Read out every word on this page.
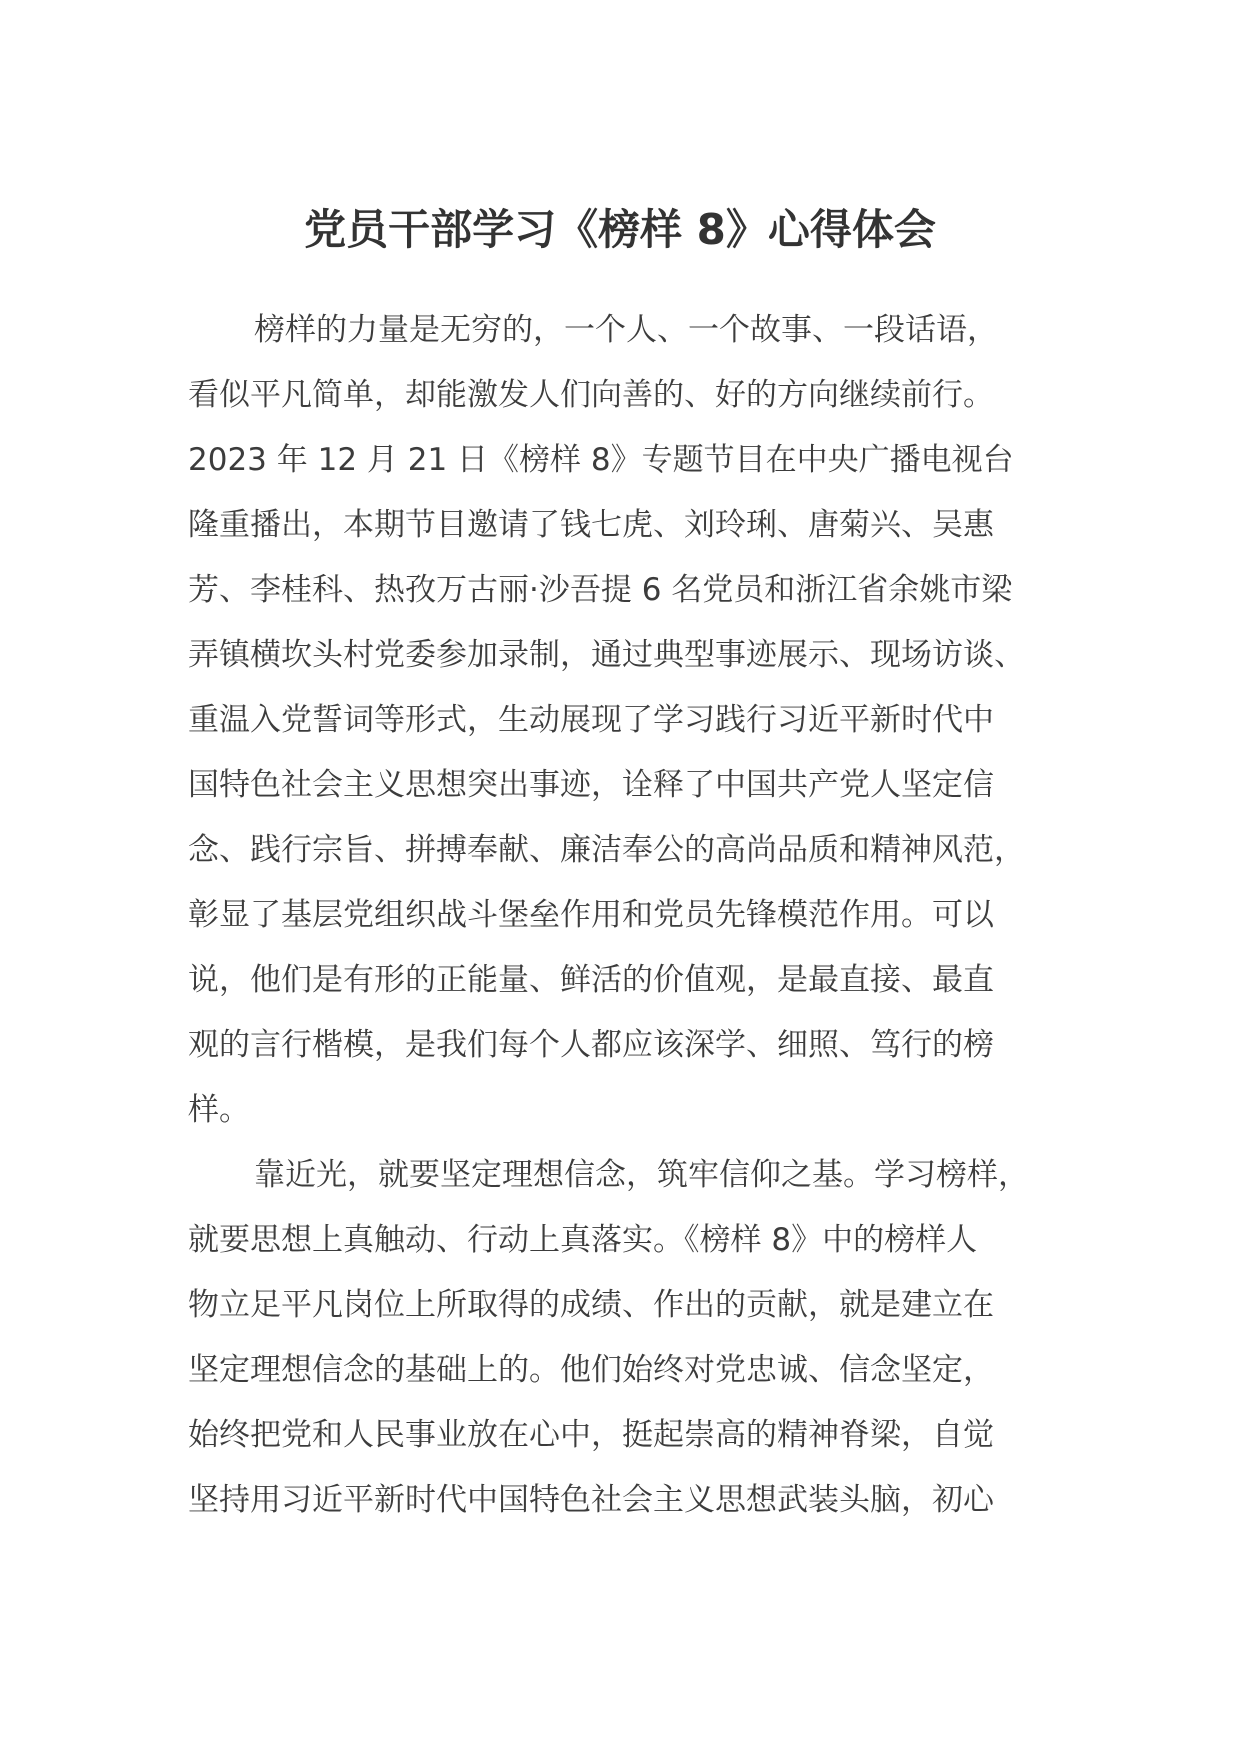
党员干部学习《榜样 8》心得体会
榜样的力量是无穷的，一个人、一个故事、一段话语，
看似平凡简单，却能激发人们向善的、好的方向继续前行。
2023 年 12 月 21 日《榜样 8》专题节目在中央广播电视台
隆重播出，本期节目邀请了钱七虎、刘玲琍、唐菊兴、吴惠
芳、李桂科、热孜万古丽·沙吾提 6 名党员和浙江省余姚市梁
弄镇横坎头村党委参加录制，通过典型事迹展示、现场访谈、
重温入党誓词等形式，生动展现了学习践行习近平新时代中
国特色社会主义思想突出事迹，诠释了中国共产党人坚定信
念、践行宗旨、拼搏奉献、廉洁奉公的高尚品质和精神风范，
彰显了基层党组织战斗堡垒作用和党员先锋模范作用。可以
说，他们是有形的正能量、鲜活的价值观，是最直接、最直
观的言行楷模，是我们每个人都应该深学、细照、笃行的榜
样。
靠近光，就要坚定理想信念，筑牢信仰之基。学习榜样，
就要思想上真触动、行动上真落实。《榜样 8》中的榜样人
物立足平凡岗位上所取得的成绩、作出的贡献，就是建立在
坚定理想信念的基础上的。他们始终对党忠诚、信念坚定，
始终把党和人民事业放在心中，挺起崇高的精神脊梁，自觉
坚持用习近平新时代中国特色社会主义思想武装头脑，初心
